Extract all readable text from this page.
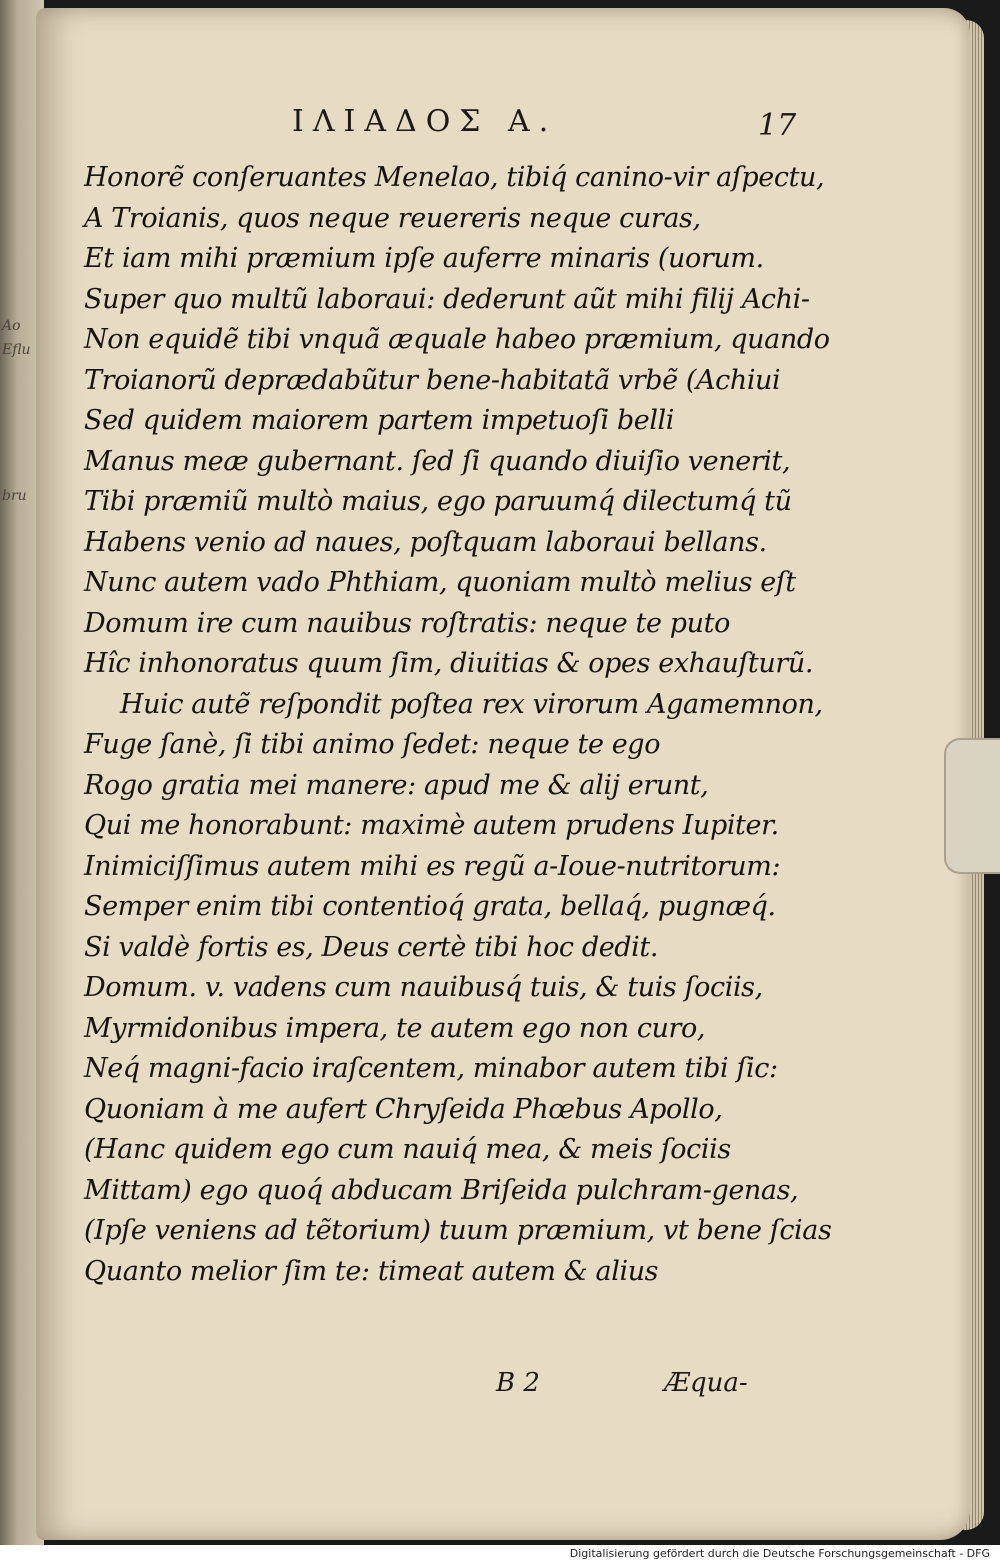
Ao
Eflu
bru
ΙΛΙΑΔΟΣ Α.	17
Honorẽ conſeruantes Menelao, tibiq́ canino-vir aſpectu,
A Troianis, quos neque reuereris neque curas,
Et iam mihi præmium ipſe auferre minaris (uorum.
Super quo multũ laboraui: dederunt aũt mihi filij Achi-
Non equidẽ tibi vnquã æquale habeo præmium, quando
Troianorũ deprædabũtur bene-habitatã vrbẽ (Achiui
Sed quidem maiorem partem impetuoſi belli
Manus meæ gubernant. ſed ſi quando diuiſio venerit,
Tibi præmiũ multò maius, ego paruumq́ dilectumq́ tũ
Habens venio ad naues, poſtquam laboraui bellans.
Nunc autem vado Phthiam, quoniam multò melius eſt
Domum ire cum nauibus roſtratis: neque te puto
Hîc inhonoratus quum ſim, diuitias & opes exhauſturũ.
Huic autẽ reſpondit poſtea rex virorum Agamemnon,
Fuge ſanè, ſi tibi animo ſedet: neque te ego
Rogo gratia mei manere: apud me & alij erunt,
Qui me honorabunt: maximè autem prudens Iupiter.
Inimiciſſimus autem mihi es regũ a-Ioue-nutritorum:
Semper enim tibi contentioq́ grata, bellaq́, pugnæq́.
Si valdè fortis es, Deus certè tibi hoc dedit.
Domum. v. vadens cum nauibusq́ tuis, & tuis ſociis,
Myrmidonibus impera, te autem ego non curo,
Neq́ magni-facio iraſcentem, minabor autem tibi ſic:
Quoniam à me aufert Chryſeida Phœbus Apollo,
(Hanc quidem ego cum nauiq́ mea, & meis ſociis
Mittam) ego quoq́ abducam Briſeida pulchram-genas,
(Ipſe veniens ad tẽtorium) tuum præmium, vt bene ſcias
Quanto melior ſim te: timeat autem & alius
B 2	Æqua-
Digitalisierung gefördert durch die Deutsche Forschungsgemeinschaft - DFG
